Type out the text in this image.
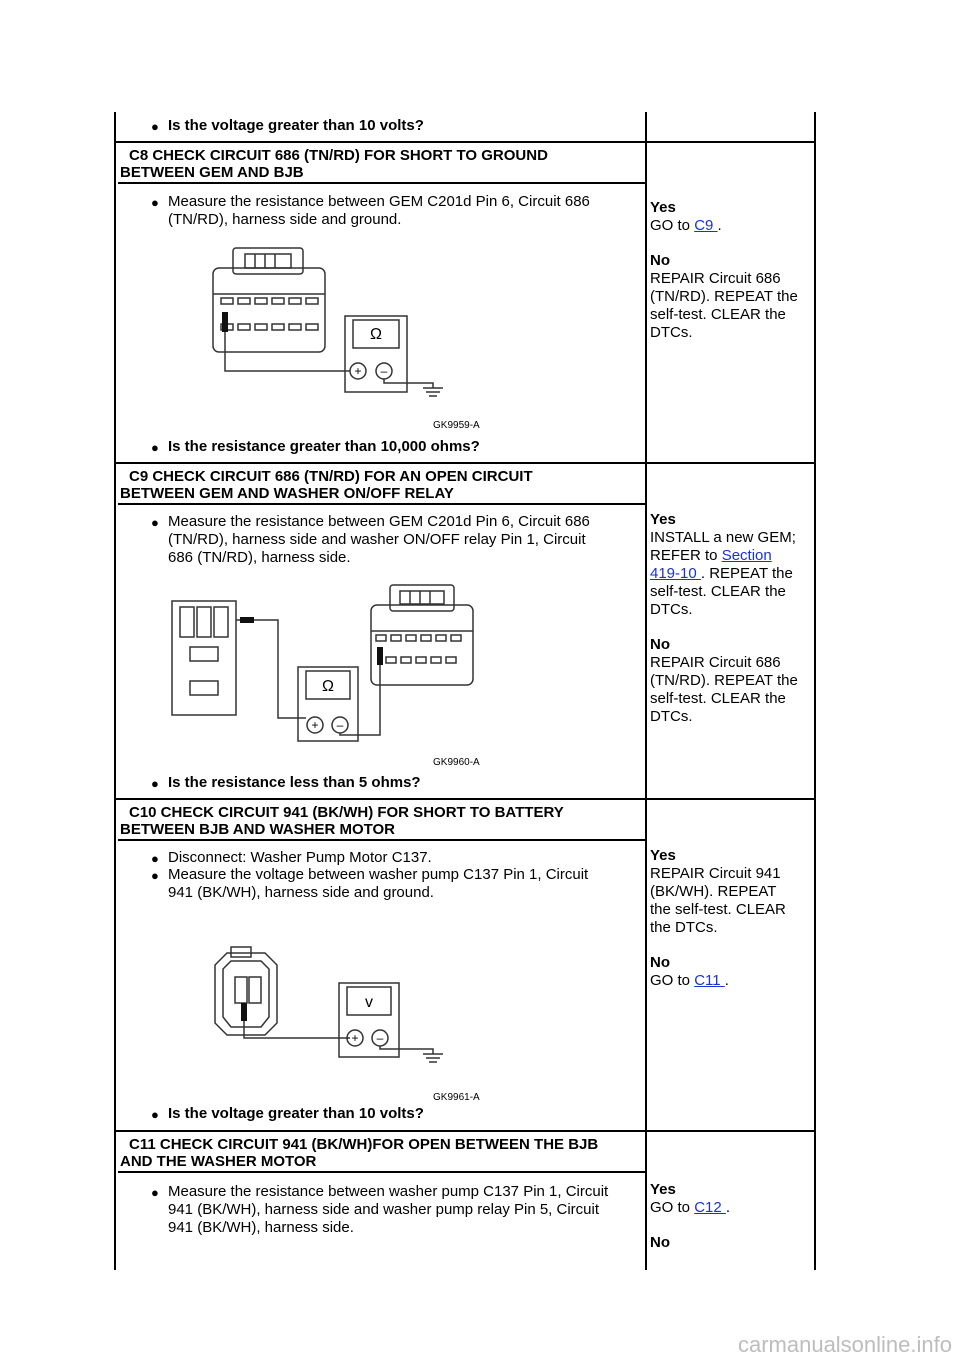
● Is the voltage greater than 10 volts?
C8 CHECK CIRCUIT 686 (TN/RD) FOR SHORT TO GROUND
BETWEEN GEM AND BJB
● Measure the resistance between GEM C201d Pin 6, Circuit 686
(TN/RD), harness side and ground.
Ω
+ –
GK9959-A
● Is the resistance greater than 10,000 ohms?

Yes

GO to C9 .

No

REPAIR Circuit 686

(TN/RD). REPEAT the

self-test. CLEAR the

DTCs.

C9 CHECK CIRCUIT 686 (TN/RD) FOR AN OPEN CIRCUIT
BETWEEN GEM AND WASHER ON/OFF RELAY
● Measure the resistance between GEM C201d Pin 6, Circuit 686
(TN/RD), harness side and washer ON/OFF relay Pin 1, Circuit
686 (TN/RD), harness side.
Ω
+ –
GK9960-A
● Is the resistance less than 5 ohms?

Yes

INSTALL a new GEM;

REFER to Section

419-10 . REPEAT the

self-test. CLEAR the

DTCs.

No

REPAIR Circuit 686

(TN/RD). REPEAT the

self-test. CLEAR the

DTCs.

C10 CHECK CIRCUIT 941 (BK/WH) FOR SHORT TO BATTERY
BETWEEN BJB AND WASHER MOTOR
● Disconnect: Washer Pump Motor C137.
● Measure the voltage between washer pump C137 Pin 1, Circuit
941 (BK/WH), harness side and ground.
v
+ –
GK9961-A
● Is the voltage greater than 10 volts?

Yes

REPAIR Circuit 941

(BK/WH). REPEAT

the self-test. CLEAR

the DTCs.

No

GO to C11 .

C11 CHECK CIRCUIT 941 (BK/WH)FOR OPEN BETWEEN THE BJB
AND THE WASHER MOTOR
● Measure the resistance between washer pump C137 Pin 1, Circuit
941 (BK/WH), harness side and washer pump relay Pin 5, Circuit
941 (BK/WH), harness side.

Yes

GO to C12 .

No

carmanualsonline.info
